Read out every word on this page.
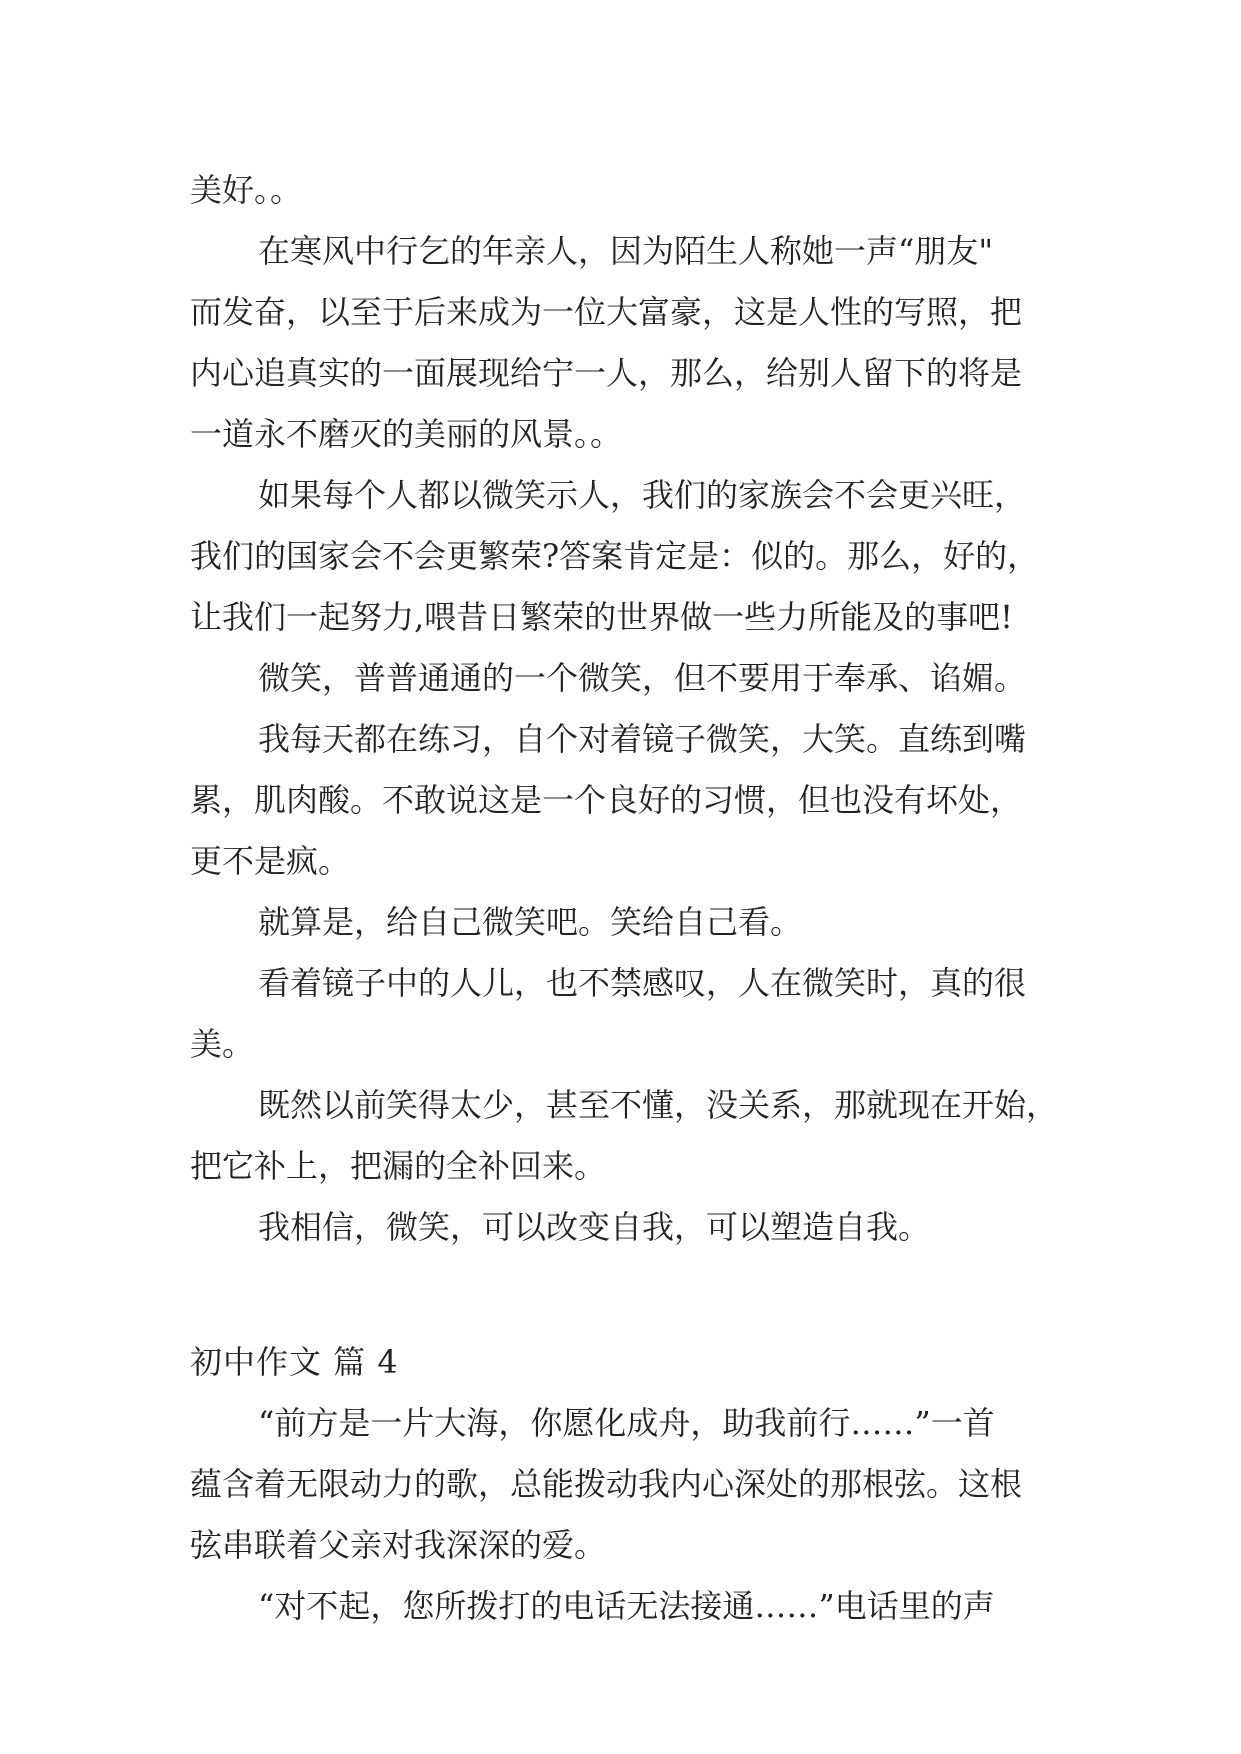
美好。。
在寒风中行乞的年亲人，因为陌生人称她一声“朋友"
而发奋，以至于后来成为一位大富豪，这是人性的写照，把
内心追真实的一面展现给宁一人，那么，给别人留下的将是
一道永不磨灭的美丽的风景。。
如果每个人都以微笑示人，我们的家族会不会更兴旺，
我们的国家会不会更繁荣?答案肯定是：似的。那么，好的，
让我们一起努力,喂昔日繁荣的世界做一些力所能及的事吧!
微笑，普普通通的一个微笑，但不要用于奉承、谄媚。
我每天都在练习，自个对着镜子微笑，大笑。直练到嘴
累，肌肉酸。不敢说这是一个良好的习惯，但也没有坏处，
更不是疯。
就算是，给自己微笑吧。笑给自己看。
看着镜子中的人儿，也不禁感叹，人在微笑时，真的很
美。
既然以前笑得太少，甚至不懂，没关系，那就现在开始，
把它补上，把漏的全补回来。
我相信，微笑，可以改变自我，可以塑造自我。
初中作文 篇 4
“前方是一片大海，你愿化成舟，助我前行……”一首
蕴含着无限动力的歌，总能拨动我内心深处的那根弦。这根
弦串联着父亲对我深深的爱。
“对不起，您所拨打的电话无法接通……”电话里的声
